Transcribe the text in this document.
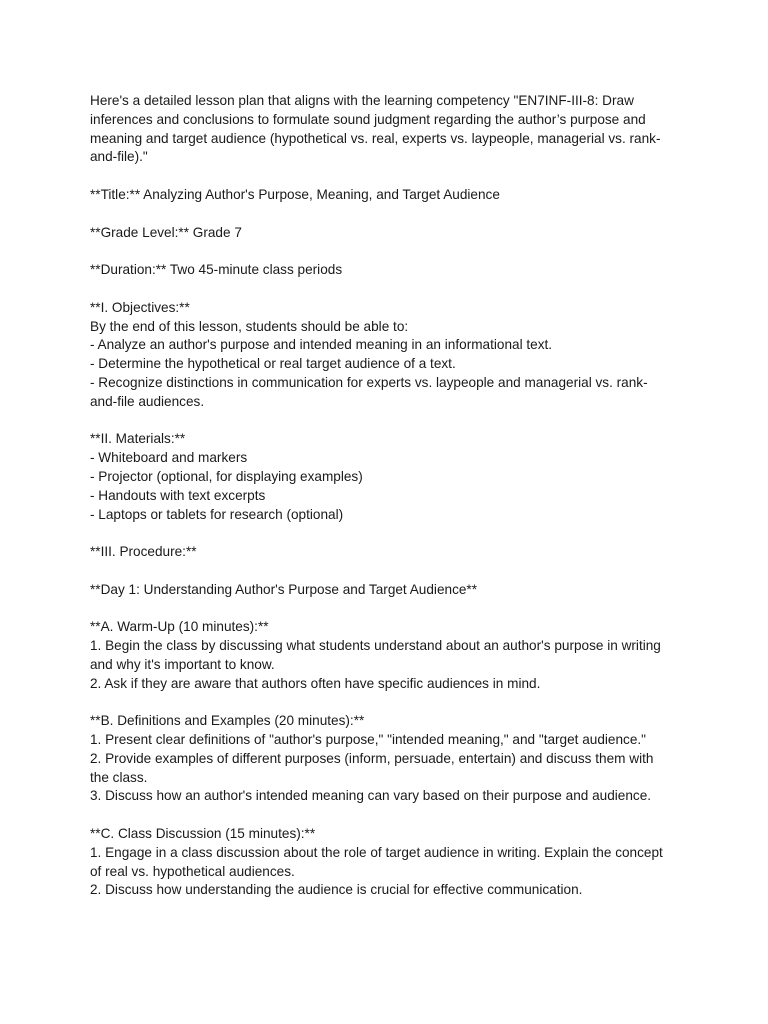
Here's a detailed lesson plan that aligns with the learning competency "EN7INF-III-8: Draw
inferences and conclusions to formulate sound judgment regarding the author’s purpose and
meaning and target audience (hypothetical vs. real, experts vs. laypeople, managerial vs. rank-
and-file)."
**Title:** Analyzing Author's Purpose, Meaning, and Target Audience
**Grade Level:** Grade 7
**Duration:** Two 45-minute class periods
**I. Objectives:**
By the end of this lesson, students should be able to:
- Analyze an author's purpose and intended meaning in an informational text.
- Determine the hypothetical or real target audience of a text.
- Recognize distinctions in communication for experts vs. laypeople and managerial vs. rank-
and-file audiences.
**II. Materials:**
- Whiteboard and markers
- Projector (optional, for displaying examples)
- Handouts with text excerpts
- Laptops or tablets for research (optional)
**III. Procedure:**
**Day 1: Understanding Author's Purpose and Target Audience**
**A. Warm-Up (10 minutes):**
1. Begin the class by discussing what students understand about an author's purpose in writing
and why it's important to know.
2. Ask if they are aware that authors often have specific audiences in mind.
**B. Definitions and Examples (20 minutes):**
1. Present clear definitions of "author's purpose," "intended meaning," and "target audience."
2. Provide examples of different purposes (inform, persuade, entertain) and discuss them with
the class.
3. Discuss how an author's intended meaning can vary based on their purpose and audience.
**C. Class Discussion (15 minutes):**
1. Engage in a class discussion about the role of target audience in writing. Explain the concept
of real vs. hypothetical audiences.
2. Discuss how understanding the audience is crucial for effective communication.
